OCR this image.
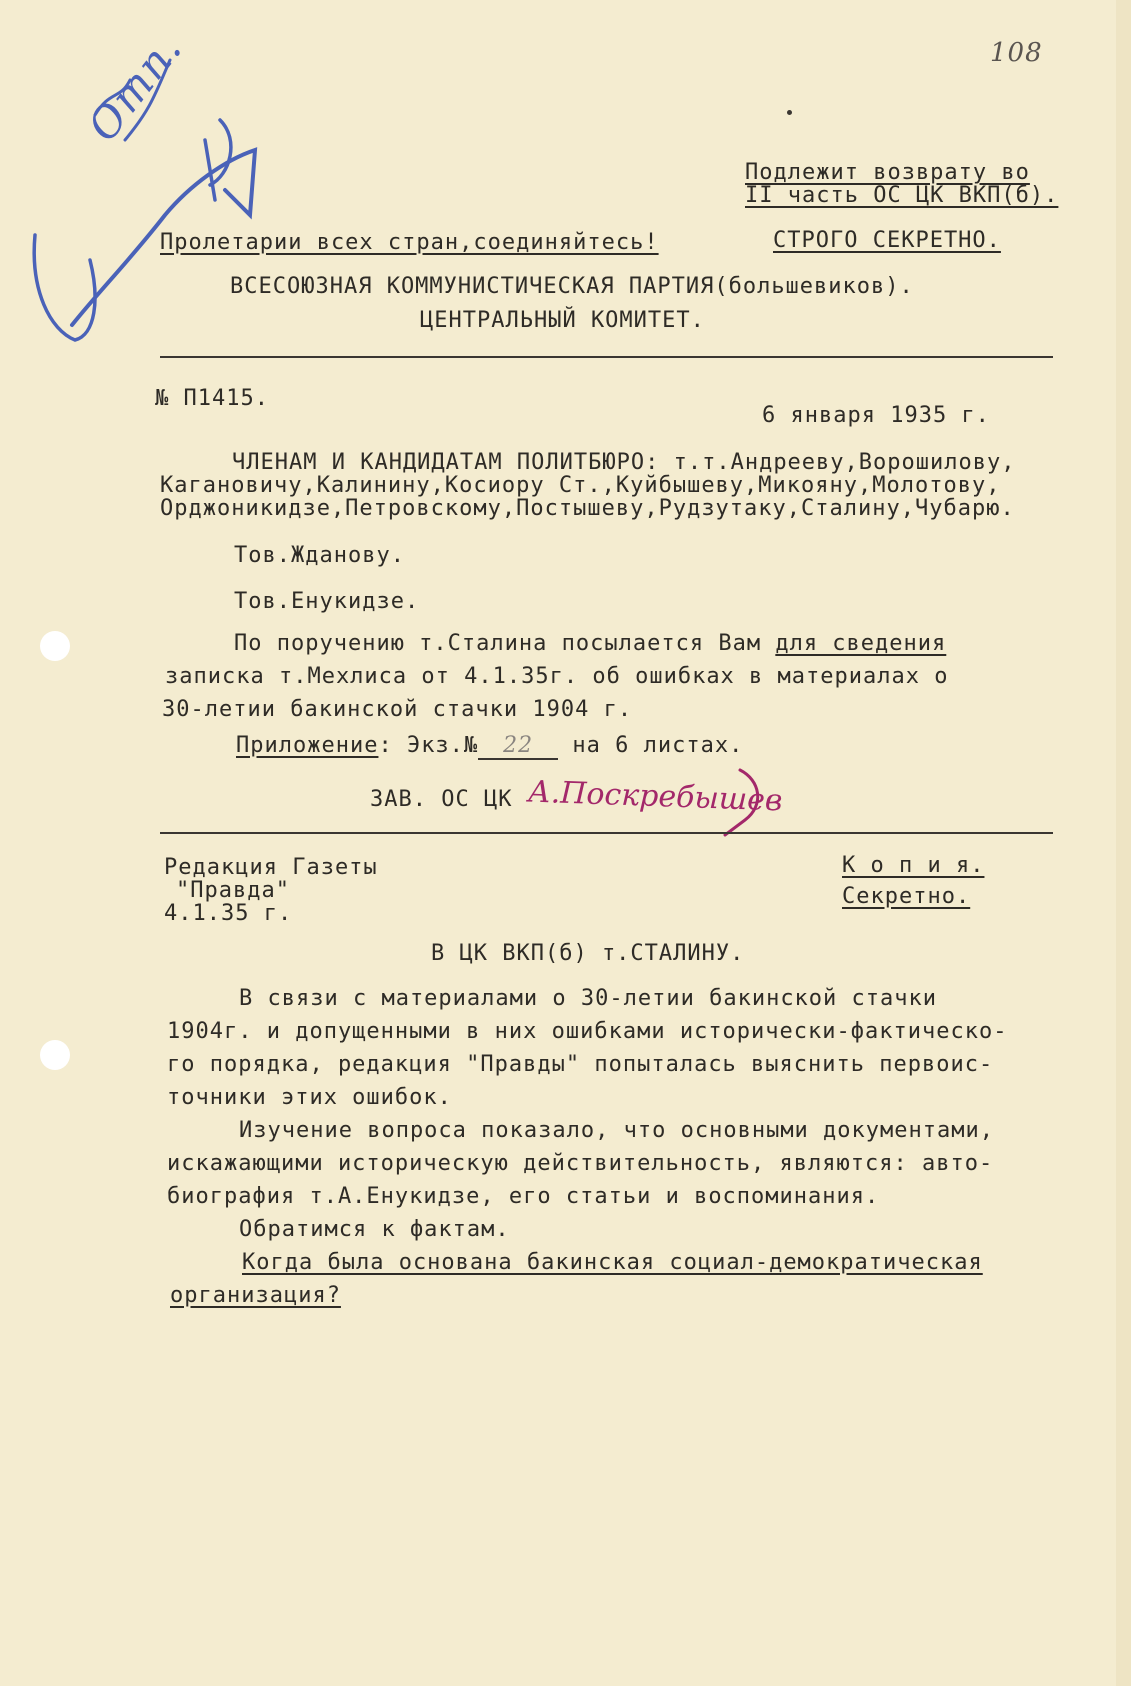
Отп.	108
Подлежит возврату во
II часть ОС ЦК ВКП(б).
Пролетарии всех стран,соединяйтесь!	СТРОГО СЕКРЕТНО.
ВСЕСОЮЗНАЯ КОММУНИСТИЧЕСКАЯ ПАРТИЯ(большевиков).
ЦЕНТРАЛЬНЫЙ КОМИТЕТ.
№ П1415.
6 января 1935 г.
ЧЛЕНАМ И КАНДИДАТАМ ПОЛИТБЮРО: т.т.Андрееву,Ворошилову,
Кагановичу,Калинину,Косиору Ст.,Куйбышеву,Микояну,Молотову,
Орджоникидзе,Петровскому,Постышеву,Рудзутаку,Сталину,Чубарю.
Тов.Жданову.
Тов.Енукидзе.
По поручению т.Сталина посылается Вам для сведения
записка т.Мехлиса от 4.1.35г. об ошибках в материалах о
30-летии бакинской стачки 1904 г.
Приложение: Экз.№ 22 на 6 листах.
ЗАВ. ОС ЦК А.Поскребышев
Редакция Газеты
"Правда"
4.1.35 г.
К о п и я.
Секретно.
В ЦК ВКП(б) т.СТАЛИНУ.
В связи с материалами о 30-летии бакинской стачки
1904г. и допущенными в них ошибками исторически-фактическо-
го порядка, редакция "Правды" попыталась выяснить первоис-
точники этих ошибок.
Изучение вопроса показало, что основными документами,
искажающими историческую действительность, являются: авто-
биография т.А.Енукидзе, его статьи и воспоминания.
Обратимся к фактам.
Когда была основана бакинская социал-демократическая
организация?
